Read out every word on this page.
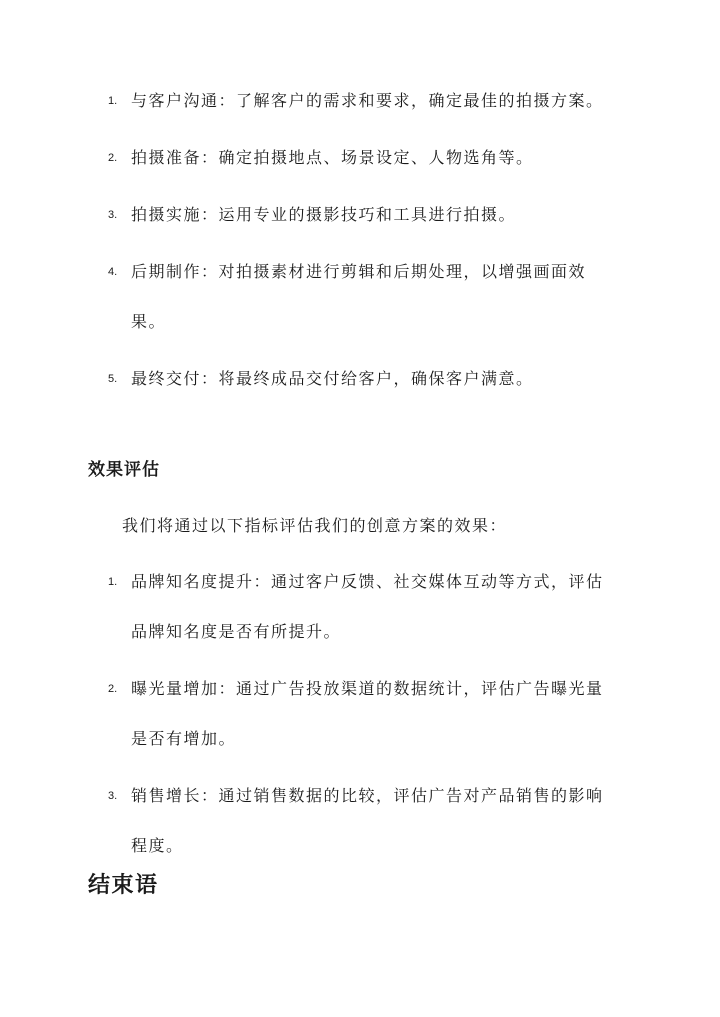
1. 与客户沟通：了解客户的需求和要求，确定最佳的拍摄方案。
2. 拍摄准备：确定拍摄地点、场景设定、人物选角等。
3. 拍摄实施：运用专业的摄影技巧和工具进行拍摄。
4. 后期制作：对拍摄素材进行剪辑和后期处理，以增强画面效果。
5. 最终交付：将最终成品交付给客户，确保客户满意。
效果评估

我们将通过以下指标评估我们的创意方案的效果：

1. 品牌知名度提升：通过客户反馈、社交媒体互动等方式，评估品牌知名度是否有所提升。
2. 曝光量增加：通过广告投放渠道的数据统计，评估广告曝光量是否有增加。
3. 销售增长：通过销售数据的比较，评估广告对产品销售的影响程度。
结束语
